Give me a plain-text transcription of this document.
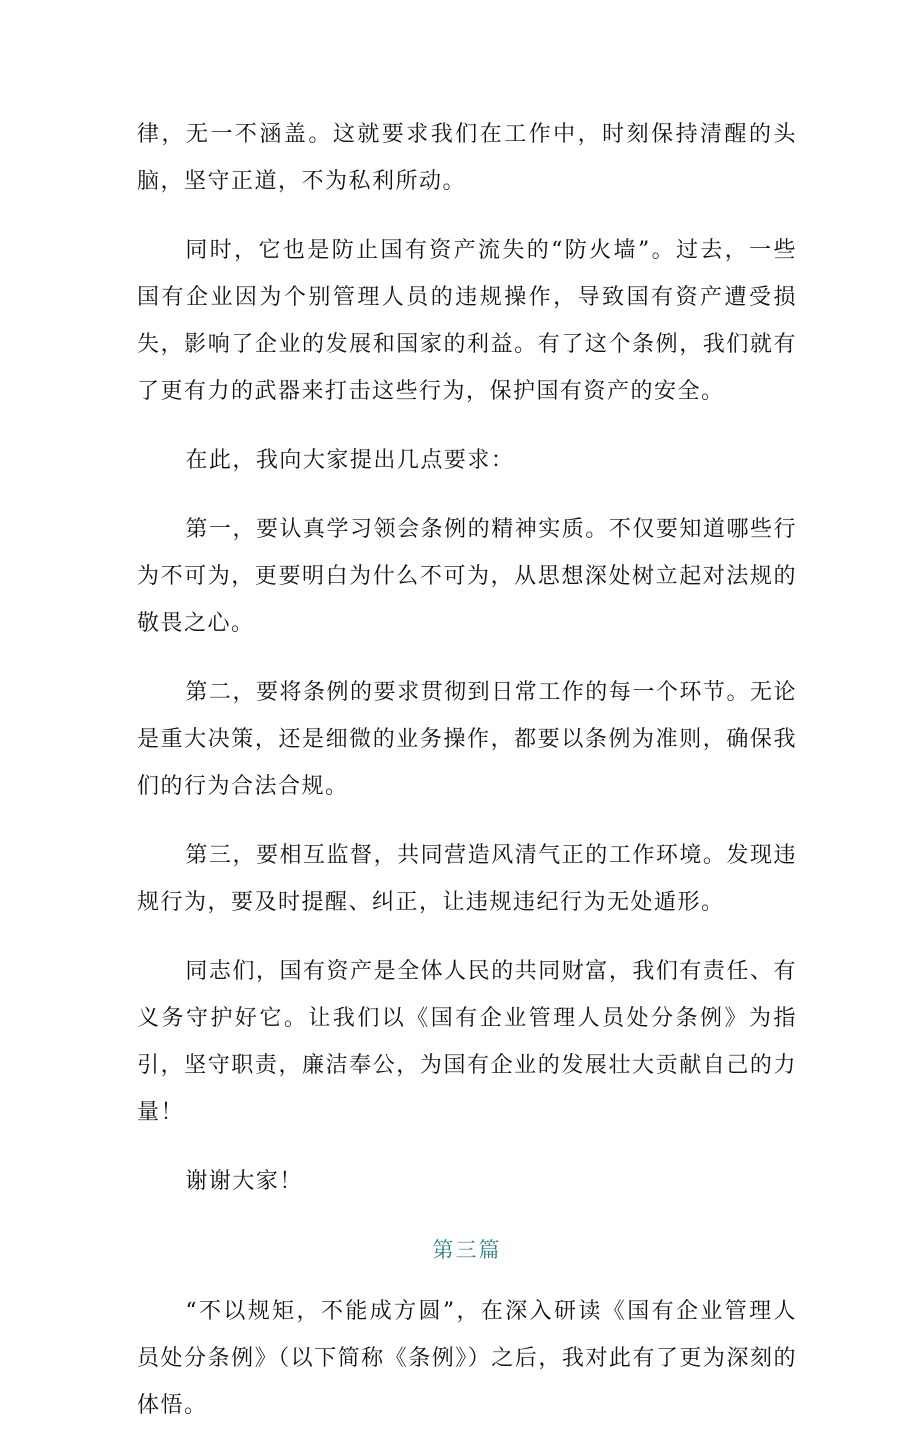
律，无一不涵盖。这就要求我们在工作中，时刻保持清醒的头脑，坚守正道，不为私利所动。

同时，它也是防止国有资产流失的“防火墙”。过去，一些国有企业因为个别管理人员的违规操作，导致国有资产遭受损失，影响了企业的发展和国家的利益。有了这个条例，我们就有了更有力的武器来打击这些行为，保护国有资产的安全。

在此，我向大家提出几点要求：

第一，要认真学习领会条例的精神实质。不仅要知道哪些行为不可为，更要明白为什么不可为，从思想深处树立起对法规的敬畏之心。

第二，要将条例的要求贯彻到日常工作的每一个环节。无论是重大决策，还是细微的业务操作，都要以条例为准则，确保我们的行为合法合规。

第三，要相互监督，共同营造风清气正的工作环境。发现违规行为，要及时提醒、纠正，让违规违纪行为无处遁形。

同志们，国有资产是全体人民的共同财富，我们有责任、有义务守护好它。让我们以《国有企业管理人员处分条例》为指引，坚守职责，廉洁奉公，为国有企业的发展壮大贡献自己的力量！

谢谢大家！

第三篇

“不以规矩，不能成方圆”，在深入研读《国有企业管理人员处分条例》（以下简称《条例》）之后，我对此有了更为深刻的体悟。
